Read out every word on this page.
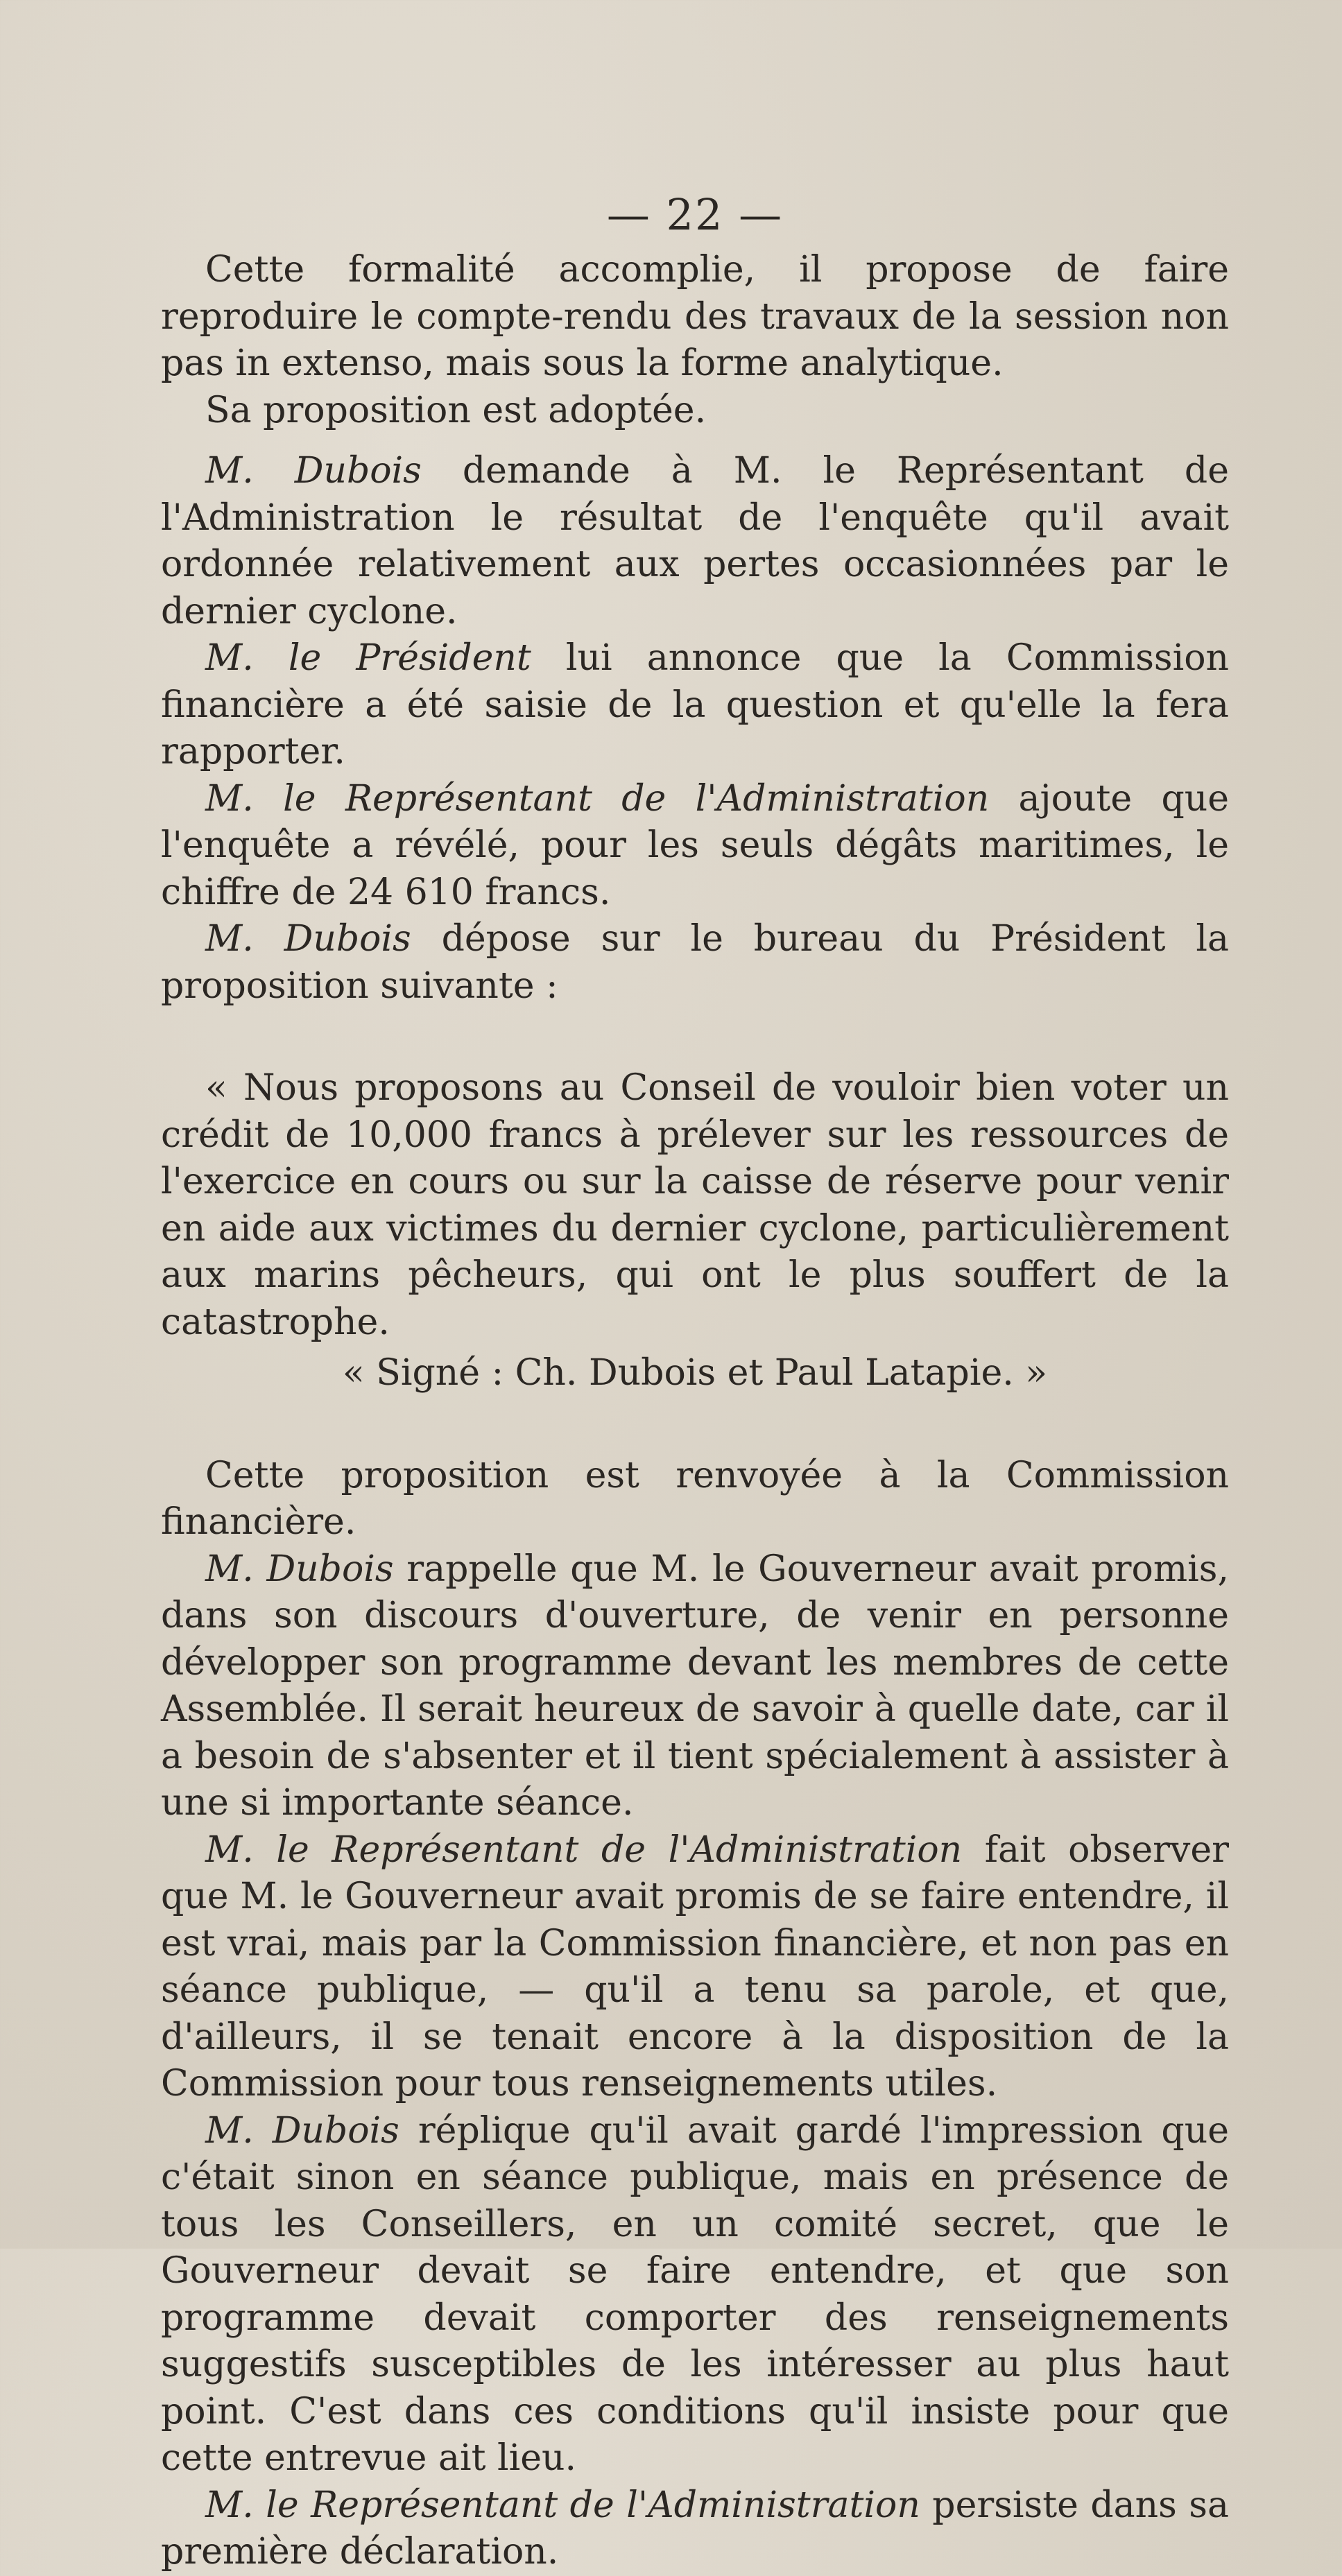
— 22 —

Cette formalité accomplie, il propose de faire reproduire le compte-rendu des travaux de la session non pas in extenso, mais sous la forme analytique.

Sa proposition est adoptée.

M. Dubois demande à M. le Représentant de l'Administration le résultat de l'enquête qu'il avait ordonnée relativement aux pertes occasionnées par le dernier cyclone.

M. le Président lui annonce que la Commission financière a été saisie de la question et qu'elle la fera rapporter.

M. le Représentant de l'Administration ajoute que l'enquête a révélé, pour les seuls dégâts maritimes, le chiffre de 24 610 francs.

M. Dubois dépose sur le bureau du Président la proposition suivante :

« Nous proposons au Conseil de vouloir bien voter un crédit de 10,000 francs à prélever sur les ressources de l'exercice en cours ou sur la caisse de réserve pour venir en aide aux victimes du dernier cyclone, particulièrement aux marins pêcheurs, qui ont le plus souffert de la catastrophe.

« Signé : Ch. Dubois et Paul Latapie. »

Cette proposition est renvoyée à la Commission financière.

M. Dubois rappelle que M. le Gouverneur avait promis, dans son discours d'ouverture, de venir en personne développer son programme devant les membres de cette Assemblée. Il serait heureux de savoir à quelle date, car il a besoin de s'absenter et il tient spécialement à assister à une si importante séance.

M. le Représentant de l'Administration fait observer que M. le Gouverneur avait promis de se faire entendre, il est vrai, mais par la Commission financière, et non pas en séance publique, — qu'il a tenu sa parole, et que, d'ailleurs, il se tenait encore à la disposition de la Commission pour tous renseignements utiles.

M. Dubois réplique qu'il avait gardé l'impression que c'était sinon en séance publique, mais en présence de tous les Conseillers, en un comité secret, que le Gouverneur devait se faire entendre, et que son programme devait comporter des renseignements suggestifs susceptibles de les intéresser au plus haut point. C'est dans ces conditions qu'il insiste pour que cette entrevue ait lieu.

M. le Représentant de l'Administration persiste dans sa première déclaration.
